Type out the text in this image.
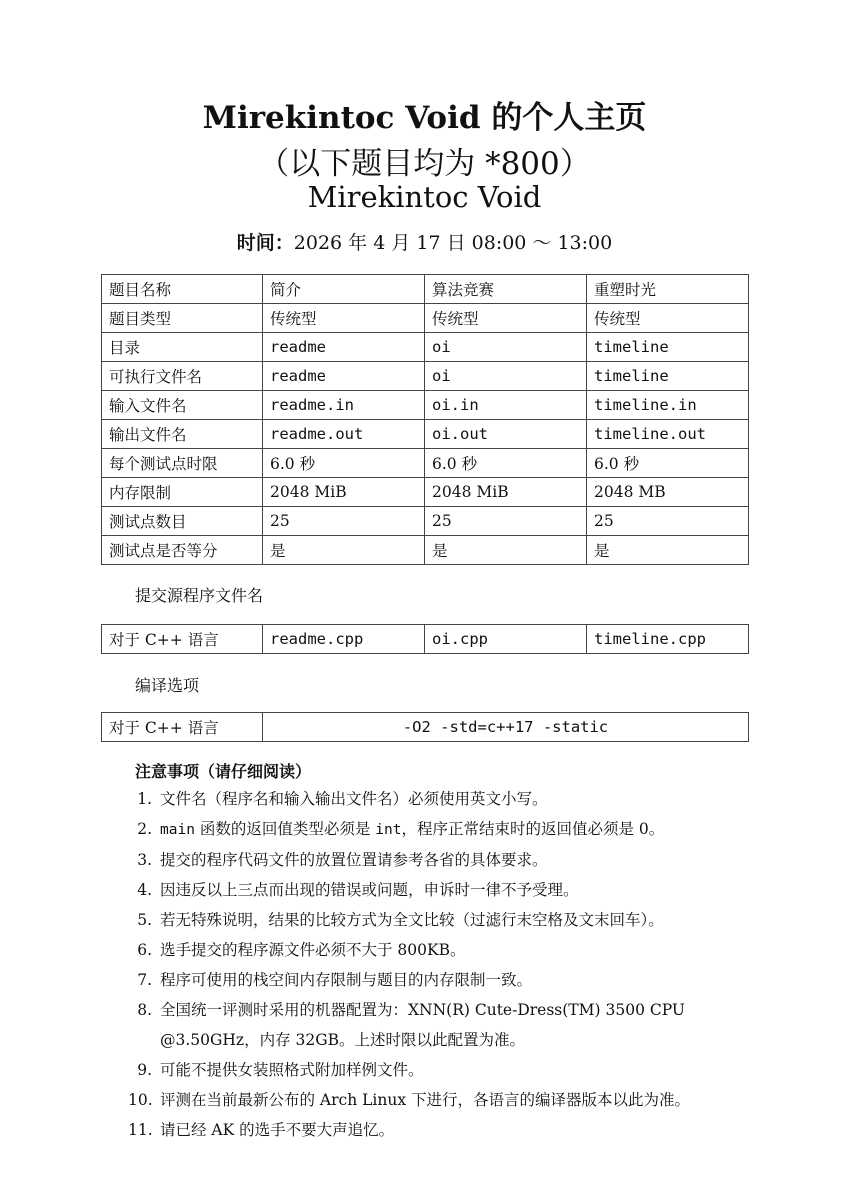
Mirekintoc Void 的个人主页
（以下题目均为 *800）
Mirekintoc Void
时间：2026 年 4 月 17 日 08:00 ～ 13:00
题目名称	简介	算法竞赛	重塑时光
题目类型	传统型	传统型	传统型
目录	readme	oi	timeline
可执行文件名	readme	oi	timeline
输入文件名	readme.in	oi.in	timeline.in
输出文件名	readme.out	oi.out	timeline.out
每个测试点时限	6.0 秒	6.0 秒	6.0 秒
内存限制	2048 MiB	2048 MiB	2048 MB
测试点数目	25	25	25
测试点是否等分	是	是	是
提交源程序文件名
对于 C++ 语言	readme.cpp	oi.cpp	timeline.cpp
编译选项
对于 C++ 语言	-O2 -std=c++17 -static
注意事项（请仔细阅读）
1. 文件名（程序名和输入输出文件名）必须使用英文小写。
2. main 函数的返回值类型必须是 int，程序正常结束时的返回值必须是 0。
3. 提交的程序代码文件的放置位置请参考各省的具体要求。
4. 因违反以上三点而出现的错误或问题，申诉时一律不予受理。
5. 若无特殊说明，结果的比较方式为全文比较（过滤行末空格及文末回车）。
6. 选手提交的程序源文件必须不大于 800KB。
7. 程序可使用的栈空间内存限制与题目的内存限制一致。
8. 全国统一评测时采用的机器配置为：XNN(R) Cute-Dress(TM) 3500 CPU
@3.50GHz，内存 32GB。上述时限以此配置为准。
9. 可能不提供女装照格式附加样例文件。
10. 评测在当前最新公布的 Arch Linux 下进行，各语言的编译器版本以此为准。
11. 请已经 AK 的选手不要大声追忆。
